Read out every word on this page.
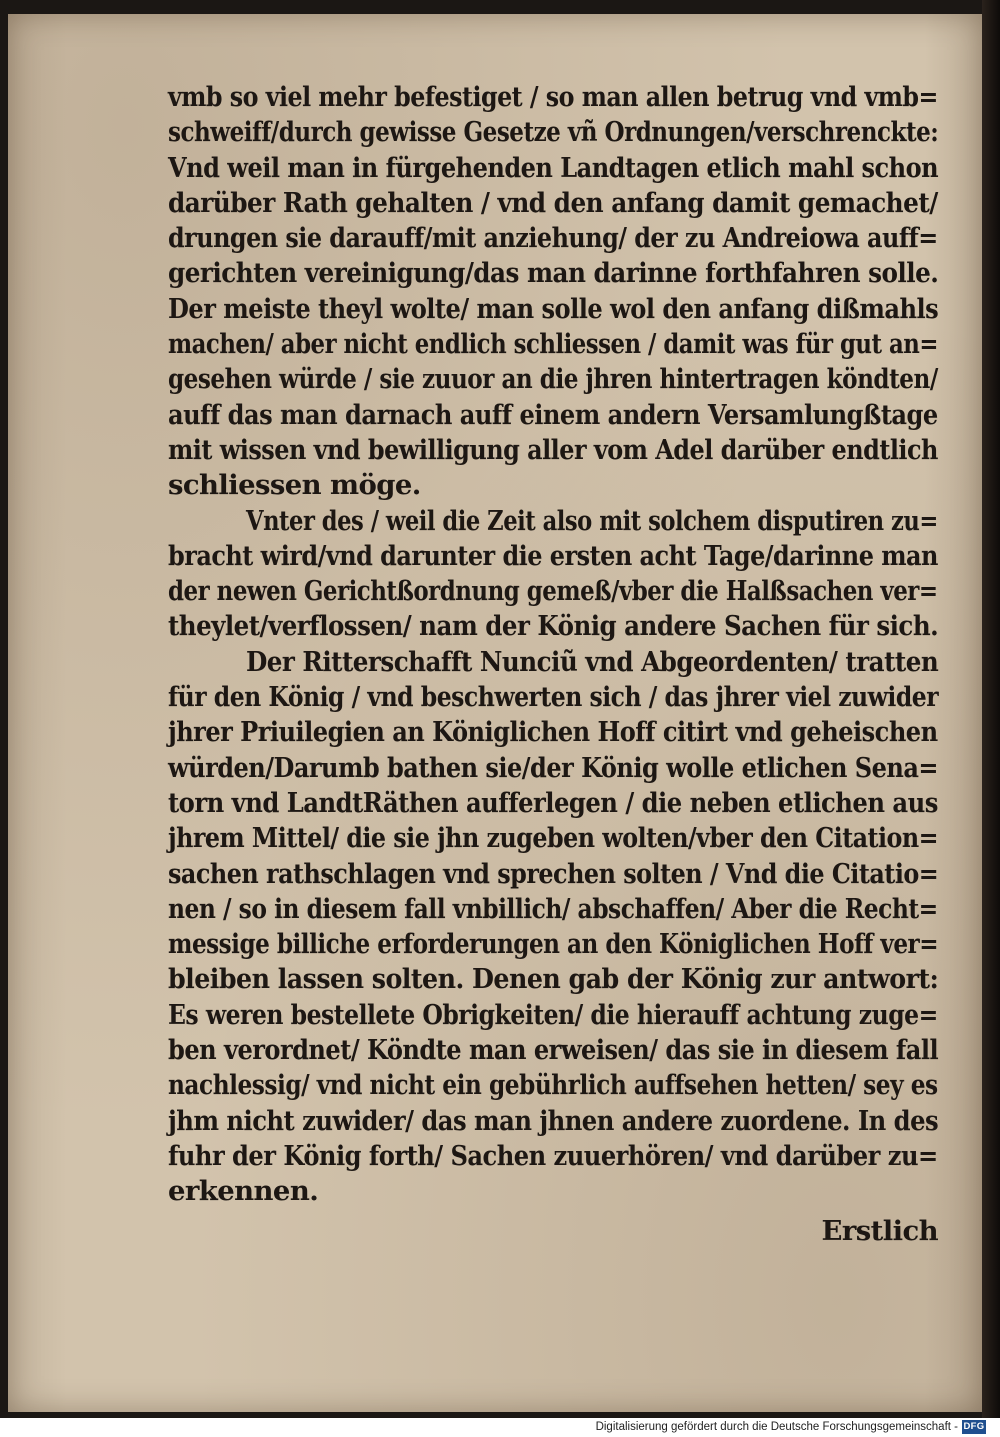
vmb so viel mehr befestiget / so man allen betrug vnd vmb=
schweiff/durch gewisse Gesetze vñ Ordnungen/verschrenckte:
Vnd weil man in fürgehenden Landtagen etlich mahl schon
darüber Rath gehalten / vnd den anfang damit gemachet/
drungen sie darauff/mit anziehung/ der zu Andreiowa auff=
gerichten vereinigung/das man darinne forthfahren solle.
Der meiste theyl wolte/ man solle wol den anfang dißmahls
machen/ aber nicht endlich schliessen / damit was für gut an=
gesehen würde / sie zuuor an die jhren hintertragen köndten/
auff das man darnach auff einem andern Versamlungßtage
mit wissen vnd bewilligung aller vom Adel darüber endtlich
schliessen möge.
Vnter des / weil die Zeit also mit solchem disputiren zu=
bracht wird/vnd darunter die ersten acht Tage/darinne man
der newen Gerichtßordnung gemeß/vber die Halßsachen ver=
theylet/verflossen/ nam der König andere Sachen für sich.
Der Ritterschafft Nunciũ vnd Abgeordenten/ tratten
für den König / vnd beschwerten sich / das jhrer viel zuwider
jhrer Priuilegien an Königlichen Hoff citirt vnd geheischen
würden/Darumb bathen sie/der König wolle etlichen Sena=
torn vnd LandtRäthen aufferlegen / die neben etlichen aus
jhrem Mittel/ die sie jhn zugeben wolten/vber den Citation=
sachen rathschlagen vnd sprechen solten / Vnd die Citatio=
nen / so in diesem fall vnbillich/ abschaffen/ Aber die Recht=
messige billiche erforderungen an den Königlichen Hoff ver=
bleiben lassen solten. Denen gab der König zur antwort:
Es weren bestellete Obrigkeiten/ die hierauff achtung zuge=
ben verordnet/ Köndte man erweisen/ das sie in diesem fall
nachlessig/ vnd nicht ein gebührlich auffsehen hetten/ sey es
jhm nicht zuwider/ das man jhnen andere zuordene. In des
fuhr der König forth/ Sachen zuuerhören/ vnd darüber zu=
erkennen.
Erstlich
Digitalisierung gefördert durch die Deutsche Forschungsgemeinschaft - DFG
